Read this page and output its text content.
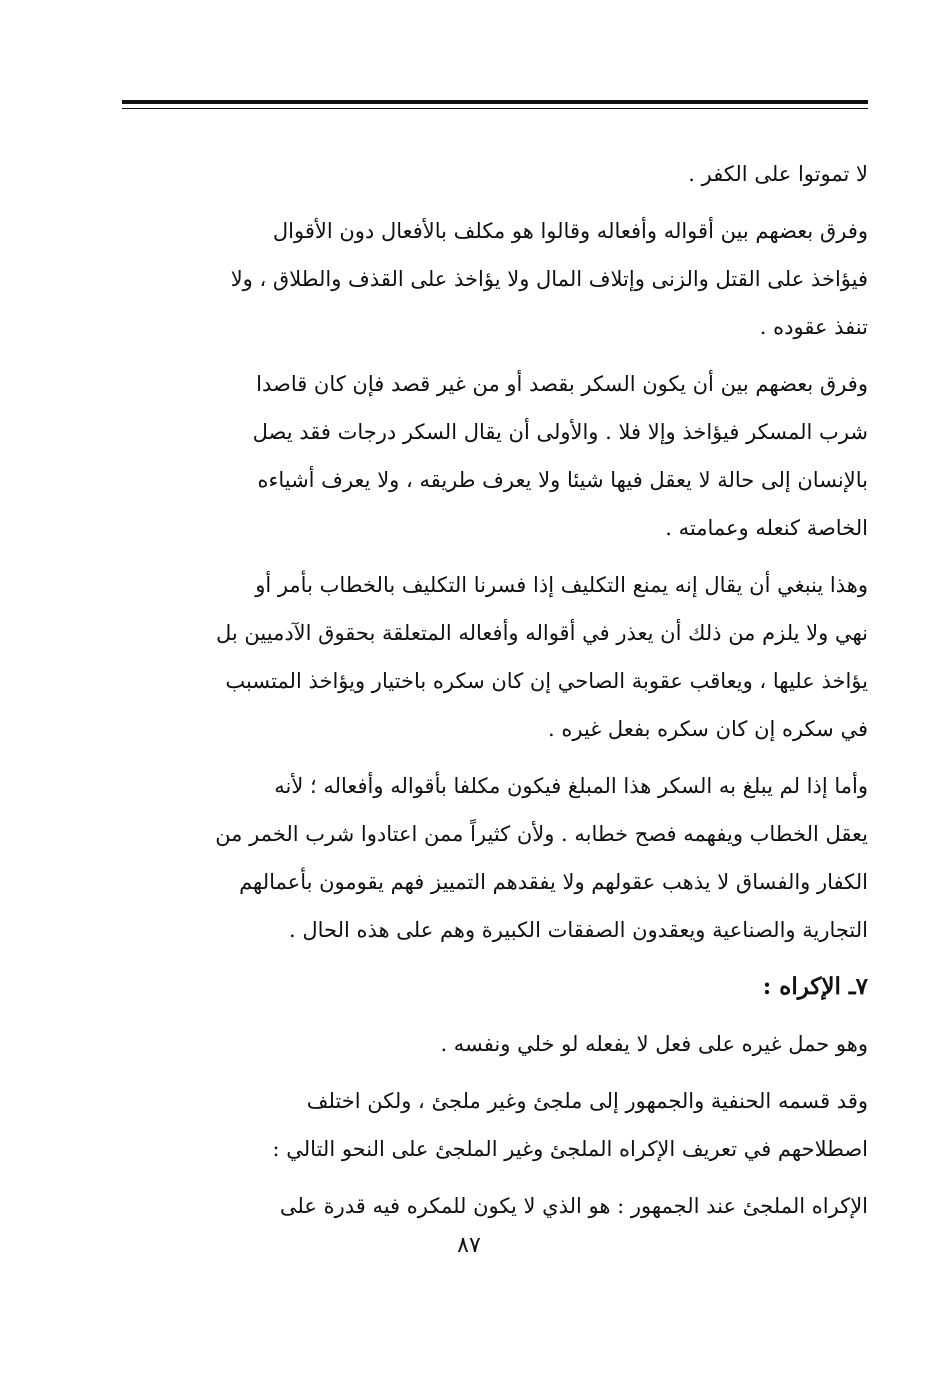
لا تموتوا على الكفر .
وفرق بعضهم بين أقواله وأفعاله وقالوا هو مكلف بالأفعال دون الأقوال
فيؤاخذ على القتل والزنى وإتلاف المال ولا يؤاخذ على القذف والطلاق ، ولا
تنفذ عقوده .
وفرق بعضهم بين أن يكون السكر بقصد أو من غير قصد فإن كان قاصدا
شرب المسكر فيؤاخذ وإلا فلا . والأولى أن يقال السكر درجات فقد يصل
بالإنسان إلى حالة لا يعقل فيها شيئا ولا يعرف طريقه ، ولا يعرف أشياءه
الخاصة كنعله وعمامته .
وهذا ينبغي أن يقال إنه يمنع التكليف إذا فسرنا التكليف بالخطاب بأمر أو
نهي ولا يلزم من ذلك أن يعذر في أقواله وأفعاله المتعلقة بحقوق الآدميين بل
يؤاخذ عليها ، ويعاقب عقوبة الصاحي إن كان سكره باختيار ويؤاخذ المتسبب
في سكره إن كان سكره بفعل غيره .
وأما إذا لم يبلغ به السكر هذا المبلغ فيكون مكلفا بأقواله وأفعاله ؛ لأنه
يعقل الخطاب ويفهمه فصح خطابه . ولأن كثيراً ممن اعتادوا شرب الخمر من
الكفار والفساق لا يذهب عقولهم ولا يفقدهم التمييز فهم يقومون بأعمالهم
التجارية والصناعية ويعقدون الصفقات الكبيرة وهم على هذه الحال .
٧ـ الإكراه :
وهو حمل غيره على فعل لا يفعله لو خلي ونفسه .
وقد قسمه الحنفية والجمهور إلى ملجئ وغير ملجئ ، ولكن اختلف
اصطلاحهم في تعريف الإكراه الملجئ وغير الملجئ على النحو التالي :
الإكراه الملجئ عند الجمهور : هو الذي لا يكون للمكره فيه قدرة على
٨٧
